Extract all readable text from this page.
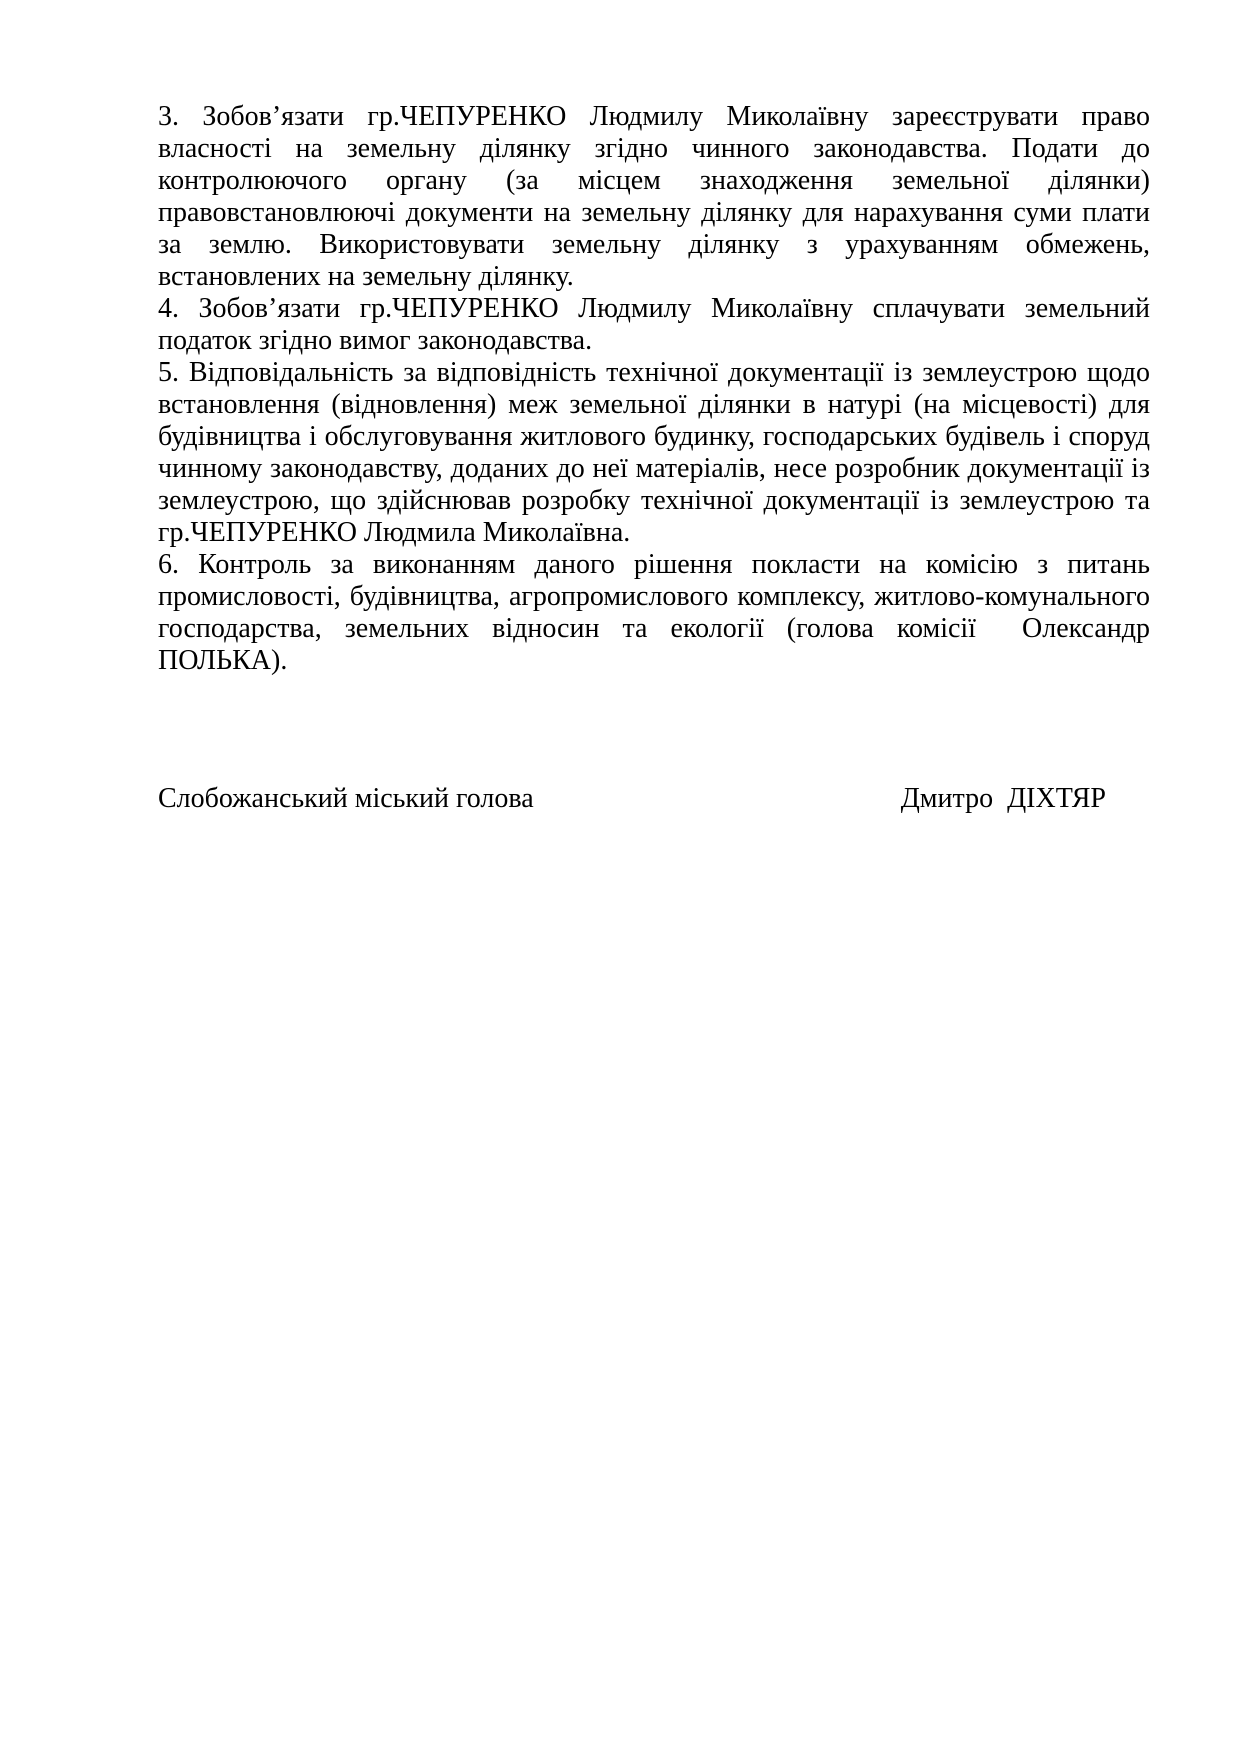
3. Зобов’язати гр.ЧЕПУРЕНКО Людмилу Миколаївну зареєструвати право власності на земельну ділянку згідно чинного законодавства. Подати до контролюючого органу (за місцем знаходження земельної ділянки) правовстановлюючі документи на земельну ділянку для нарахування суми плати за землю. Використовувати земельну ділянку з урахуванням обмежень, встановлених на земельну ділянку.

4. Зобов’язати гр.ЧЕПУРЕНКО Людмилу Миколаївну сплачувати земельний податок згідно вимог законодавства.

5. Відповідальність за відповідність технічної документації із землеустрою щодо встановлення (відновлення) меж земельної ділянки в натурі (на місцевості) для будівництва і обслуговування житлового будинку, господарських будівель і споруд чинному законодавству, доданих до неї матеріалів, несе розробник документації із землеустрою, що здійснював розробку технічної документації із землеустрою та гр.ЧЕПУРЕНКО Людмила Миколаївна.

6. Контроль за виконанням даного рішення покласти на комісію з питань промисловості, будівництва, агропромислового комплексу, житлово-комунального господарства, земельних відносин та екології (голова комісії  Олександр ПОЛЬКА).

Слобожанський міський голова	Дмитро  ДІХТЯР
